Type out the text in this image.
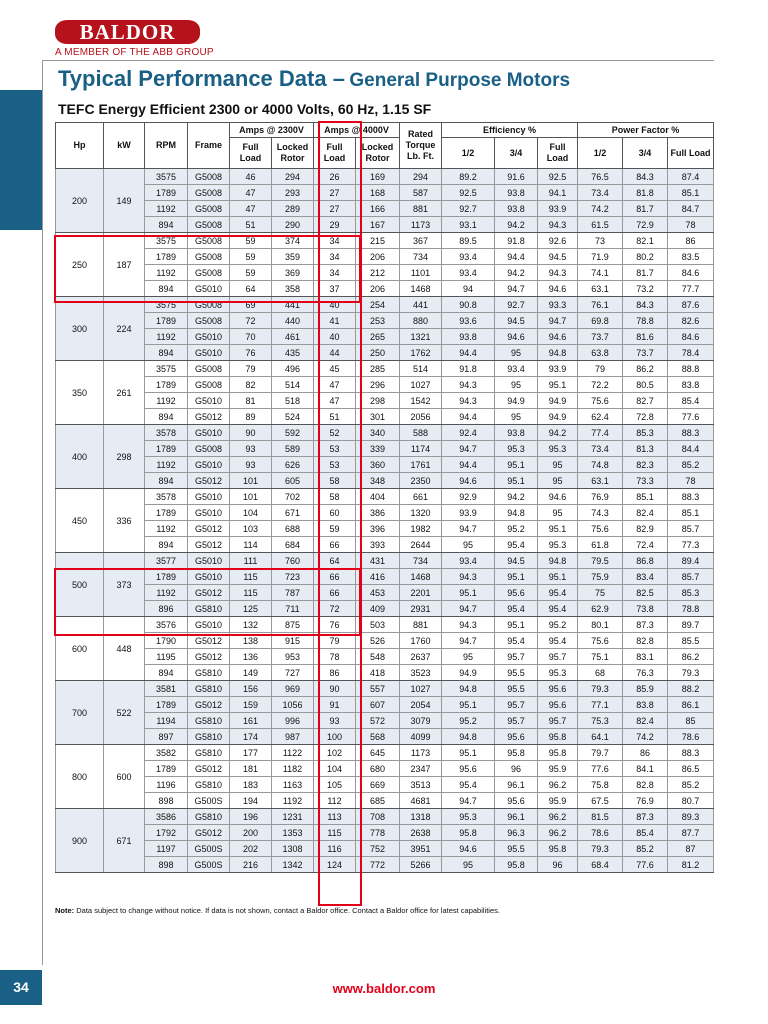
BALDOR
A MEMBER OF THE ABB GROUP
Typical Performance Data – General Purpose Motors
TEFC Energy Efficient 2300 or 4000 Volts, 60 Hz, 1.15 SF
Hp	kW	RPM	Frame	Amps @ 2300V		Amps @ 4000V		Rated Torque Lb. Ft.	Efficiency %			Power Factor %		
				Full Load	Locked Rotor	Full Load	Locked Rotor		1/2	3/4	Full Load	1/2	3/4	Full Load
200	149	3575	G5008	46	294	26	169	294	89.2	91.6	92.5	76.5	84.3	87.4
		1789	G5008	47	293	27	168	587	92.5	93.8	94.1	73.4	81.8	85.1
		1192	G5008	47	289	27	166	881	92.7	93.8	93.9	74.2	81.7	84.7
		894	G5008	51	290	29	167	1173	93.1	94.2	94.3	61.5	72.9	78
250	187	3575	G5008	59	374	34	215	367	89.5	91.8	92.6	73	82.1	86
		1789	G5008	59	359	34	206	734	93.4	94.4	94.5	71.9	80.2	83.5
		1192	G5008	59	369	34	212	1101	93.4	94.2	94.3	74.1	81.7	84.6
		894	G5010	64	358	37	206	1468	94	94.7	94.6	63.1	73.2	77.7
300	224	3575	G5008	69	441	40	254	441	90.8	92.7	93.3	76.1	84.3	87.6
		1789	G5008	72	440	41	253	880	93.6	94.5	94.7	69.8	78.8	82.6
		1192	G5010	70	461	40	265	1321	93.8	94.6	94.6	73.7	81.6	84.6
		894	G5010	76	435	44	250	1762	94.4	95	94.8	63.8	73.7	78.4
350	261	3575	G5008	79	496	45	285	514	91.8	93.4	93.9	79	86.2	88.8
		1789	G5008	82	514	47	296	1027	94.3	95	95.1	72.2	80.5	83.8
		1192	G5010	81	518	47	298	1542	94.3	94.9	94.9	75.6	82.7	85.4
		894	G5012	89	524	51	301	2056	94.4	95	94.9	62.4	72.8	77.6
400	298	3578	G5010	90	592	52	340	588	92.4	93.8	94.2	77.4	85.3	88.3
		1789	G5008	93	589	53	339	1174	94.7	95.3	95.3	73.4	81.3	84.4
		1192	G5010	93	626	53	360	1761	94.4	95.1	95	74.8	82.3	85.2
		894	G5012	101	605	58	348	2350	94.6	95.1	95	63.1	73.3	78
450	336	3578	G5010	101	702	58	404	661	92.9	94.2	94.6	76.9	85.1	88.3
		1789	G5010	104	671	60	386	1320	93.9	94.8	95	74.3	82.4	85.1
		1192	G5012	103	688	59	396	1982	94.7	95.2	95.1	75.6	82.9	85.7
		894	G5012	114	684	66	393	2644	95	95.4	95.3	61.8	72.4	77.3
500	373	3577	G5010	111	760	64	431	734	93.4	94.5	94.8	79.5	86.8	89.4
		1789	G5010	115	723	66	416	1468	94.3	95.1	95.1	75.9	83.4	85.7
		1192	G5012	115	787	66	453	2201	95.1	95.6	95.4	75	82.5	85.3
		896	G5810	125	711	72	409	2931	94.7	95.4	95.4	62.9	73.8	78.8
600	448	3576	G5010	132	875	76	503	881	94.3	95.1	95.2	80.1	87.3	89.7
		1790	G5012	138	915	79	526	1760	94.7	95.4	95.4	75.6	82.8	85.5
		1195	G5012	136	953	78	548	2637	95	95.7	95.7	75.1	83.1	86.2
		894	G5810	149	727	86	418	3523	94.9	95.5	95.3	68	76.3	79.3
700	522	3581	G5810	156	969	90	557	1027	94.8	95.5	95.6	79.3	85.9	88.2
		1789	G5012	159	1056	91	607	2054	95.1	95.7	95.6	77.1	83.8	86.1
		1194	G5810	161	996	93	572	3079	95.2	95.7	95.7	75.3	82.4	85
		897	G5810	174	987	100	568	4099	94.8	95.6	95.8	64.1	74.2	78.6
800	600	3582	G5810	177	1122	102	645	1173	95.1	95.8	95.8	79.7	86	88.3
		1789	G5012	181	1182	104	680	2347	95.6	96	95.9	77.6	84.1	86.5
		1196	G5810	183	1163	105	669	3513	95.4	96.1	96.2	75.8	82.8	85.2
		898	G500S	194	1192	112	685	4681	94.7	95.6	95.9	67.5	76.9	80.7
900	671	3586	G5810	196	1231	113	708	1318	95.3	96.1	96.2	81.5	87.3	89.3
		1792	G5012	200	1353	115	778	2638	95.8	96.3	96.2	78.6	85.4	87.7
		1197	G500S	202	1308	116	752	3951	94.6	95.5	95.8	79.3	85.2	87
		898	G500S	216	1342	124	772	5266	95	95.8	96	68.4	77.6	81.2
Note: Data subject to change without notice. If data is not shown, contact a Baldor office. Contact a Baldor office for latest capabilities.
34	www.baldor.com
